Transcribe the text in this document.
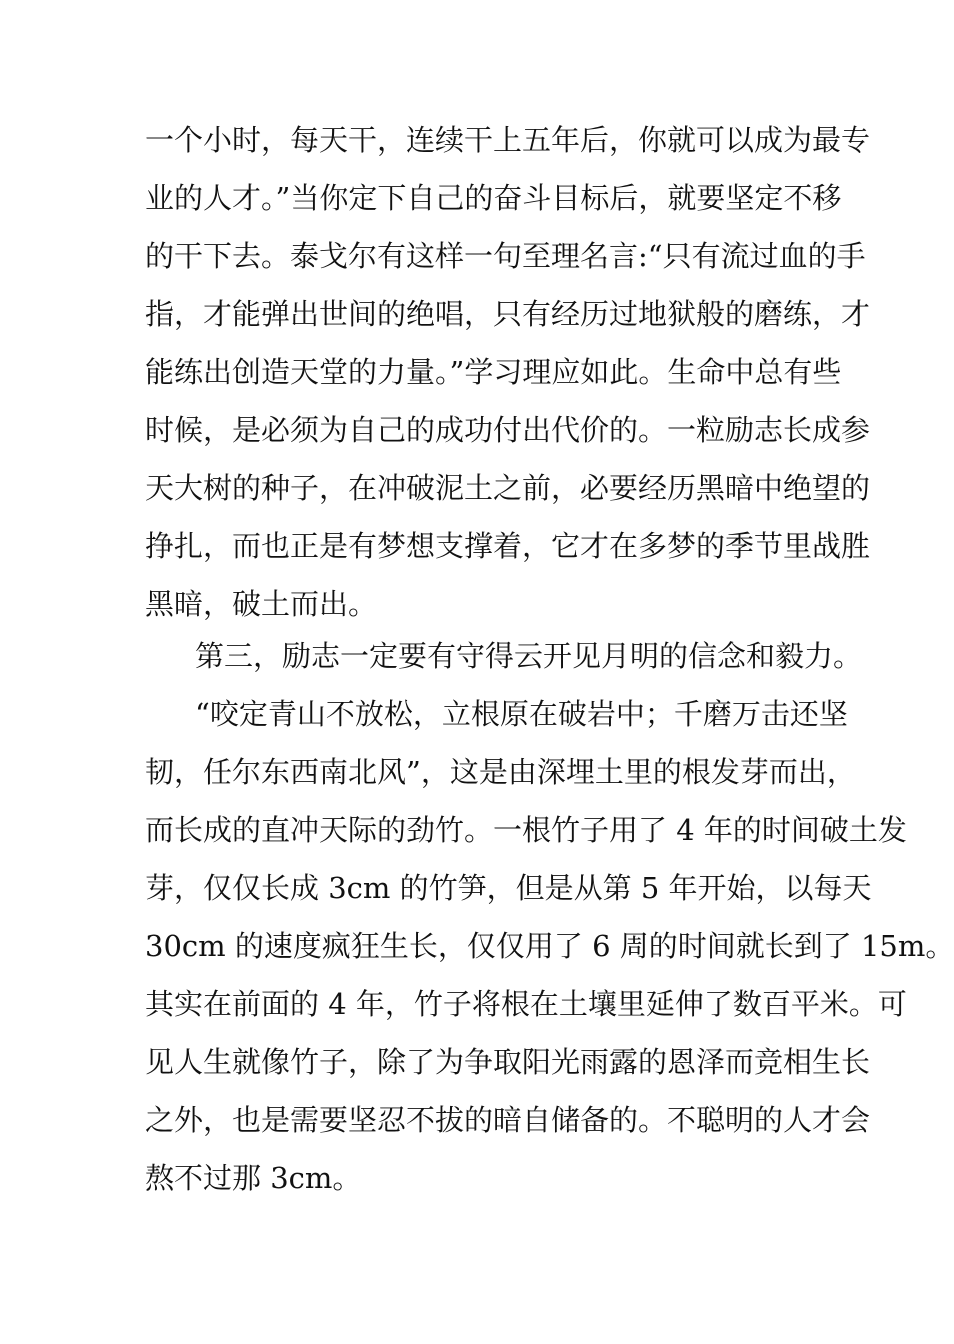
一个小时，每天干，连续干上五年后，你就可以成为最专
业的人才。”当你定下自己的奋斗目标后，就要坚定不移
的干下去。泰戈尔有这样一句至理名言:“只有流过血的手
指，才能弹出世间的绝唱，只有经历过地狱般的磨练，才
能练出创造天堂的力量。”学习理应如此。生命中总有些
时候，是必须为自己的成功付出代价的。一粒励志长成参
天大树的种子，在冲破泥土之前，必要经历黑暗中绝望的
挣扎，而也正是有梦想支撑着，它才在多梦的季节里战胜
黑暗，破土而出。
第三，励志一定要有守得云开见月明的信念和毅力。
“咬定青山不放松，立根原在破岩中；千磨万击还坚
韧，任尔东西南北风”，这是由深埋土里的根发芽而出，
而长成的直冲天际的劲竹。一根竹子用了 4 年的时间破土发
芽，仅仅长成 3cm 的竹笋，但是从第 5 年开始，以每天
30cm 的速度疯狂生长，仅仅用了 6 周的时间就长到了 15m。
其实在前面的 4 年，竹子将根在土壤里延伸了数百平米。可
见人生就像竹子，除了为争取阳光雨露的恩泽而竞相生长
之外，也是需要坚忍不拔的暗自储备的。不聪明的人才会
熬不过那 3cm。
